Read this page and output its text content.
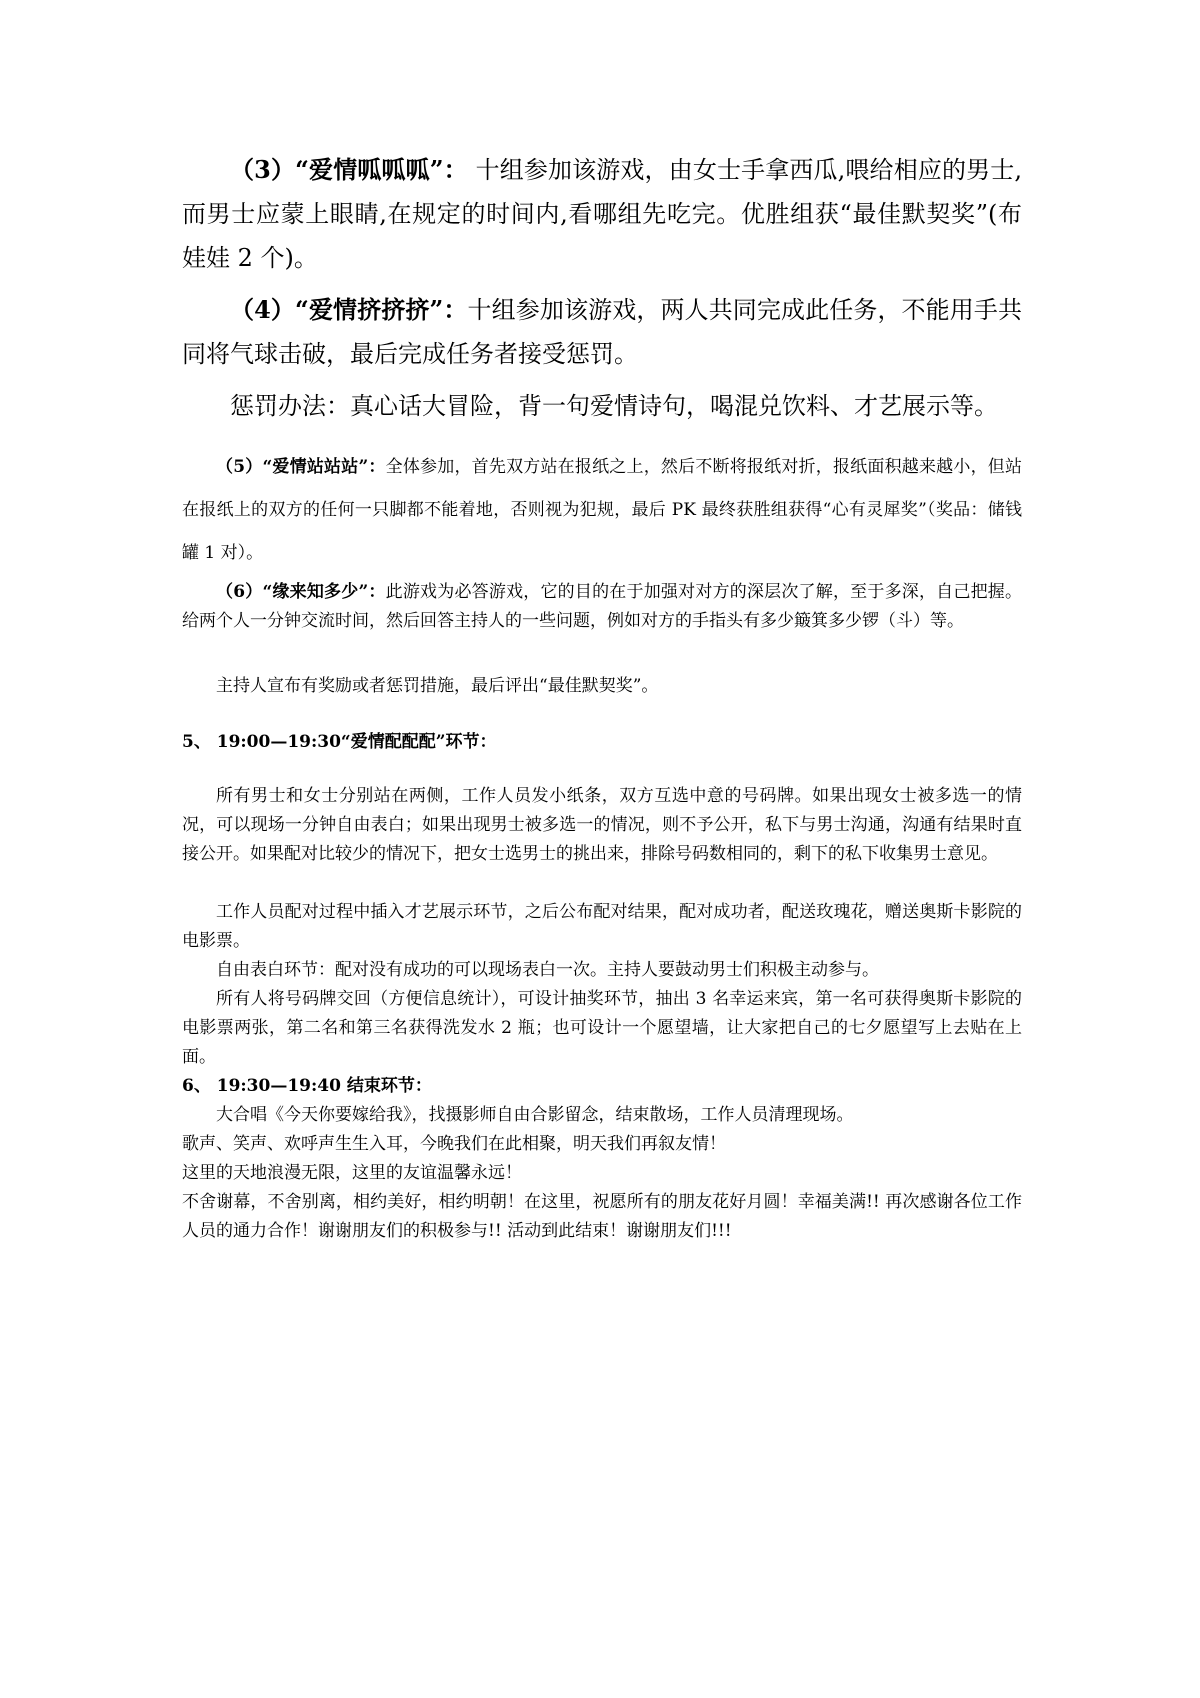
（3）“爱情呱呱呱”： 十组参加该游戏，由女士手拿西瓜,喂给相应的男士,而男士应蒙上眼睛,在规定的时间内,看哪组先吃完。优胜组获“最佳默契奖”(布娃娃 2 个)。

（4）“爱情挤挤挤”：十组参加该游戏，两人共同完成此任务，不能用手共同将气球击破，最后完成任务者接受惩罚。

惩罚办法：真心话大冒险，背一句爱情诗句，喝混兑饮料、才艺展示等。

（5）“爱情站站站”：全体参加，首先双方站在报纸之上，然后不断将报纸对折，报纸面积越来越小，但站在报纸上的双方的任何一只脚都不能着地，否则视为犯规，最后 PK 最终获胜组获得“心有灵犀奖”（奖品：储钱罐 1 对）。

（6）“缘来知多少”：此游戏为必答游戏，它的目的在于加强对对方的深层次了解，至于多深，自己把握。给两个人一分钟交流时间，然后回答主持人的一些问题，例如对方的手指头有多少簸箕多少锣（斗）等。

主持人宣布有奖励或者惩罚措施，最后评出“最佳默契奖”。

5、 19:00—19:30“爱情配配配”环节：

所有男士和女士分别站在两侧，工作人员发小纸条，双方互选中意的号码牌。如果出现女士被多选一的情况，可以现场一分钟自由表白；如果出现男士被多选一的情况，则不予公开，私下与男士沟通，沟通有结果时直接公开。如果配对比较少的情况下，把女士选男士的挑出来，排除号码数相同的，剩下的私下收集男士意见。

工作人员配对过程中插入才艺展示环节，之后公布配对结果，配对成功者，配送玫瑰花，赠送奥斯卡影院的电影票。

自由表白环节：配对没有成功的可以现场表白一次。主持人要鼓动男士们积极主动参与。

所有人将号码牌交回（方便信息统计），可设计抽奖环节，抽出 3 名幸运来宾，第一名可获得奥斯卡影院的电影票两张，第二名和第三名获得洗发水 2 瓶；也可设计一个愿望墙，让大家把自己的七夕愿望写上去贴在上面。

6、 19:30—19:40 结束环节：

大合唱《今天你要嫁给我》，找摄影师自由合影留念，结束散场，工作人员清理现场。

歌声、笑声、欢呼声生生入耳，今晚我们在此相聚，明天我们再叙友情！

这里的天地浪漫无限，这里的友谊温馨永远！

不舍谢幕，不舍别离，相约美好，相约明朝！在这里，祝愿所有的朋友花好月圆！幸福美满!! 再次感谢各位工作人员的通力合作！谢谢朋友们的积极参与!! 活动到此结束！谢谢朋友们!!!
